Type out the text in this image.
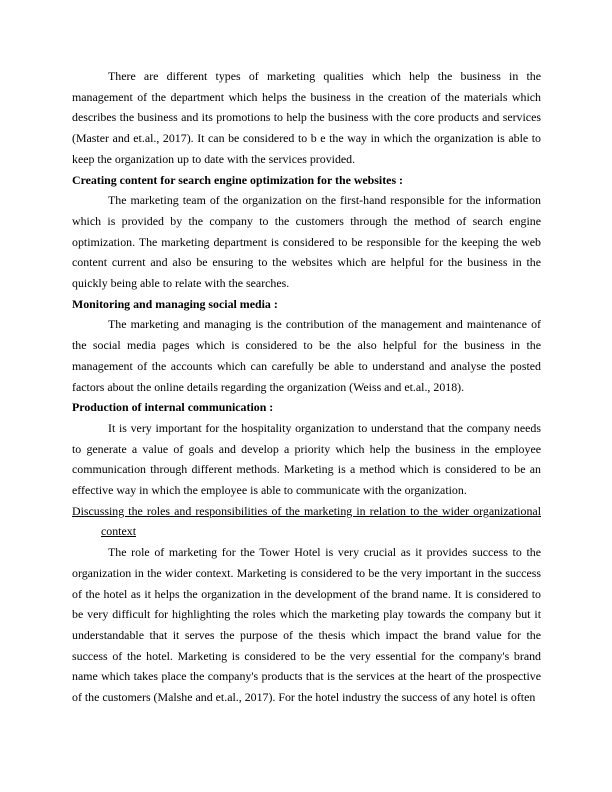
There are different types of marketing qualities which help the business in the management of the department which helps the business in the creation of the materials which describes the business and its promotions to help the business with the core products and services (Master and et.al., 2017). It can be considered to b e the way in which the organization is able to keep the organization up to date with the services provided.

Creating content for search engine optimization for the websites :

The marketing team of the organization on the first-hand responsible for the information which is provided by the company to the customers through the method of search engine optimization. The marketing department is considered to be responsible for the keeping the web content current and also be ensuring to the websites which are helpful for the business in the quickly being able to relate with the searches.

Monitoring and managing social media :

The marketing and managing is the contribution of the management and maintenance of the social media pages which is considered to be the also helpful for the business in the management of the accounts which can carefully be able to understand and analyse the posted factors about the online details regarding the organization (Weiss and et.al., 2018).

Production of internal communication :

It is very important for the hospitality organization to understand that the company needs to generate a value of goals and develop a priority which help the business in the employee communication through different methods. Marketing is a method which is considered to be an effective way in which the employee is able to communicate with the organization.

Discussing the roles and responsibilities of the marketing in relation to the wider organizational context

The role of marketing for the Tower Hotel is very crucial as it provides success to the organization in the wider context. Marketing is considered to be the very important in the success of the hotel as it helps the organization in the development of the brand name. It is considered to be very difficult for highlighting the roles which the marketing play towards the company but it understandable that it serves the purpose of the thesis which impact the brand value for the success of the hotel. Marketing is considered to be the very essential for the company's brand name which takes place the company's products that is the services at the heart of the prospective of the customers (Malshe and et.al., 2017). For the hotel industry the success of any hotel is often
